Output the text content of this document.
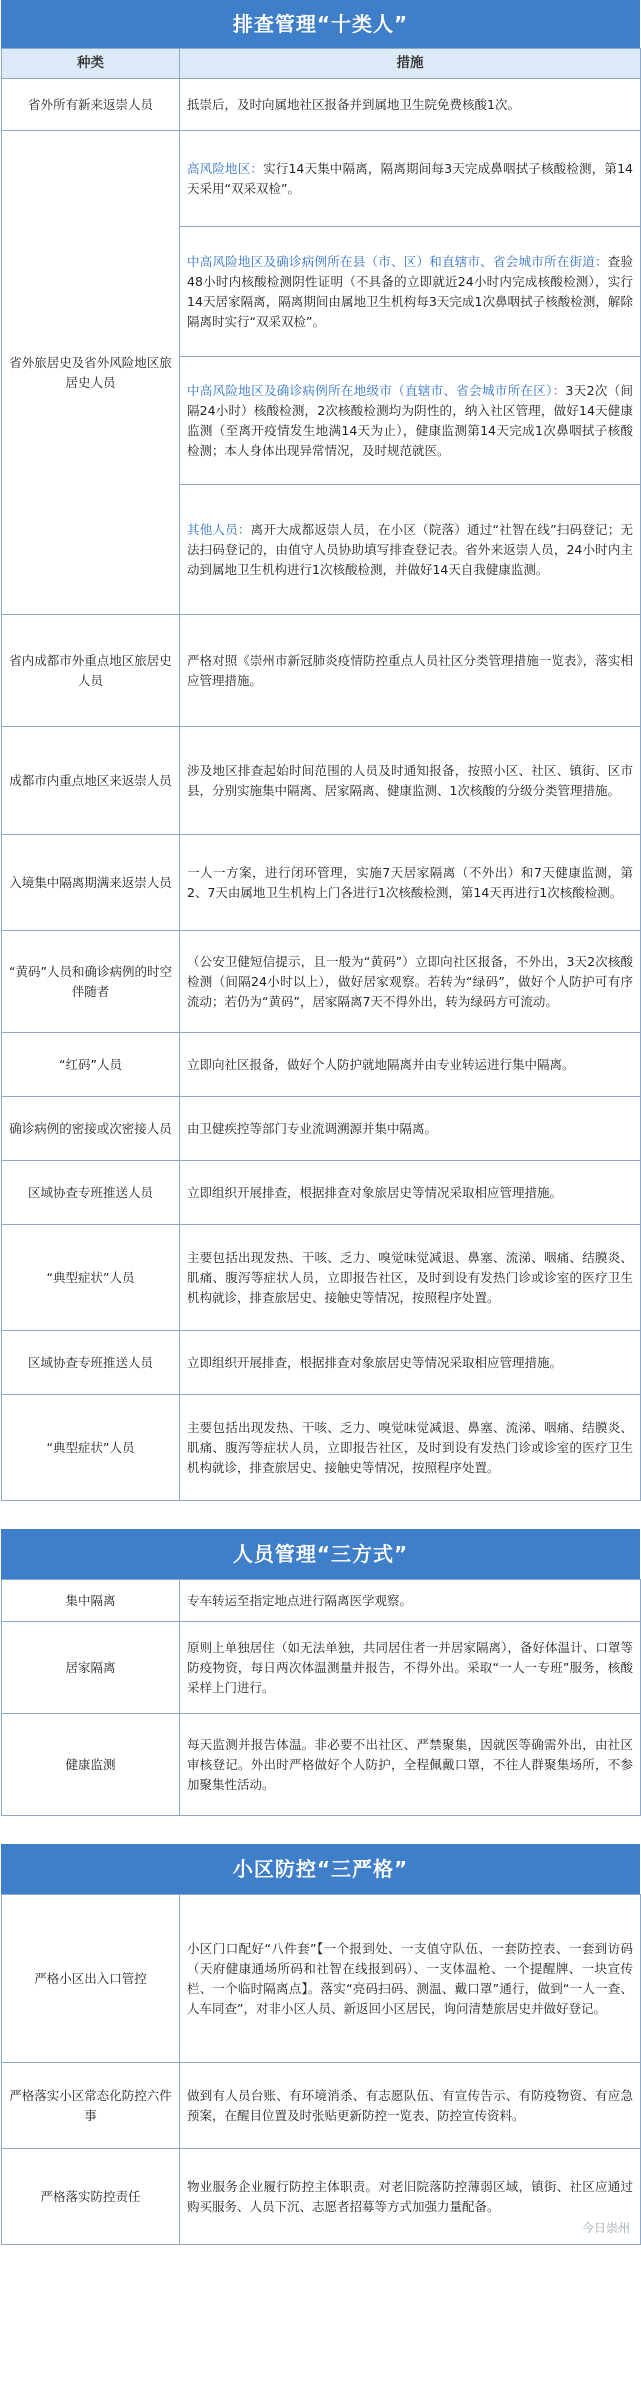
排查管理“十类人”
种类	措施
省外所有新来返崇人员	抵崇后，及时向属地社区报备并到属地卫生院免费核酸1次。
省外旅居史及省外风险地区旅居史人员	高风险地区：实行14天集中隔离，隔离期间每3天完成鼻咽拭子核酸检测，第14天采用“双采双检”。
	中高风险地区及确诊病例所在县（市、区）和直辖市、省会城市所在街道：查验48小时内核酸检测阴性证明（不具备的立即就近24小时内完成核酸检测），实行14天居家隔离，隔离期间由属地卫生机构每3天完成1次鼻咽拭子核酸检测，解除隔离时实行“双采双检”。
	中高风险地区及确诊病例所在地级市（直辖市、省会城市所在区）：3天2次（间隔24小时）核酸检测，2次核酸检测均为阴性的，纳入社区管理，做好14天健康监测（至离开疫情发生地满14天为止），健康监测第14天完成1次鼻咽拭子核酸检测；本人身体出现异常情况，及时规范就医。
	其他人员：离开大成都返崇人员，在小区（院落）通过“社智在线”扫码登记；无法扫码登记的，由值守人员协助填写排查登记表。省外来返崇人员，24小时内主动到属地卫生机构进行1次核酸检测，并做好14天自我健康监测。
省内成都市外重点地区旅居史人员	严格对照《崇州市新冠肺炎疫情防控重点人员社区分类管理措施一览表》，落实相应管理措施。
成都市内重点地区来返崇人员	涉及地区排查起始时间范围的人员及时通知报备，按照小区、社区、镇街、区市县，分别实施集中隔离、居家隔离、健康监测、1次核酸的分级分类管理措施。
入境集中隔离期满来返崇人员	一人一方案，进行闭环管理，实施7天居家隔离（不外出）和7天健康监测，第2、7天由属地卫生机构上门各进行1次核酸检测，第14天再进行1次核酸检测。
“黄码”人员和确诊病例的时空伴随者	（公安卫健短信提示，且一般为“黄码”）立即向社区报备，不外出，3天2次核酸检测（间隔24小时以上），做好居家观察。若转为“绿码”，做好个人防护可有序流动；若仍为“黄码”，居家隔离7天不得外出，转为绿码方可流动。
“红码”人员	立即向社区报备，做好个人防护就地隔离并由专业转运进行集中隔离。
确诊病例的密接或次密接人员	由卫健疾控等部门专业流调溯源并集中隔离。
区域协查专班推送人员	立即组织开展排查，根据排查对象旅居史等情况采取相应管理措施。
“典型症状”人员	主要包括出现发热、干咳、乏力、嗅觉味觉减退、鼻塞、流涕、咽痛、结膜炎、肌痛、腹泻等症状人员，立即报告社区，及时到设有发热门诊或诊室的医疗卫生机构就诊，排查旅居史、接触史等情况，按照程序处置。
区域协查专班推送人员	立即组织开展排查，根据排查对象旅居史等情况采取相应管理措施。
“典型症状”人员	主要包括出现发热、干咳、乏力、嗅觉味觉减退、鼻塞、流涕、咽痛、结膜炎、肌痛、腹泻等症状人员，立即报告社区，及时到设有发热门诊或诊室的医疗卫生机构就诊，排查旅居史、接触史等情况，按照程序处置。
人员管理“三方式”
集中隔离	专车转运至指定地点进行隔离医学观察。
居家隔离	原则上单独居住（如无法单独，共同居住者一并居家隔离），备好体温计、口罩等防疫物资，每日两次体温测量并报告，不得外出。采取“一人一专班”服务，核酸采样上门进行。
健康监测	每天监测并报告体温。非必要不出社区、严禁聚集，因就医等确需外出，由社区审核登记。外出时严格做好个人防护，全程佩戴口罩，不往人群聚集场所，不参加聚集性活动。
小区防控“三严格”
严格小区出入口管控	小区门口配好“八件套”【一个报到处、一支值守队伍、一套防控表、一套到访码（天府健康通场所码和社智在线报到码）、一支体温枪、一个提醒牌、一块宣传栏、一个临时隔离点】。落实“亮码扫码、测温、戴口罩”通行，做到“一人一查、人车同查”，对非小区人员、新返回小区居民，询问清楚旅居史并做好登记。
严格落实小区常态化防控六件事	做到有人员台账、有环境消杀、有志愿队伍、有宣传告示、有防疫物资、有应急预案，在醒目位置及时张贴更新防控一览表、防控宣传资料。
严格落实防控责任	物业服务企业履行防控主体职责。对老旧院落防控薄弱区域，镇街、社区应通过购买服务、人员下沉、志愿者招募等方式加强力量配备。
今日崇州
